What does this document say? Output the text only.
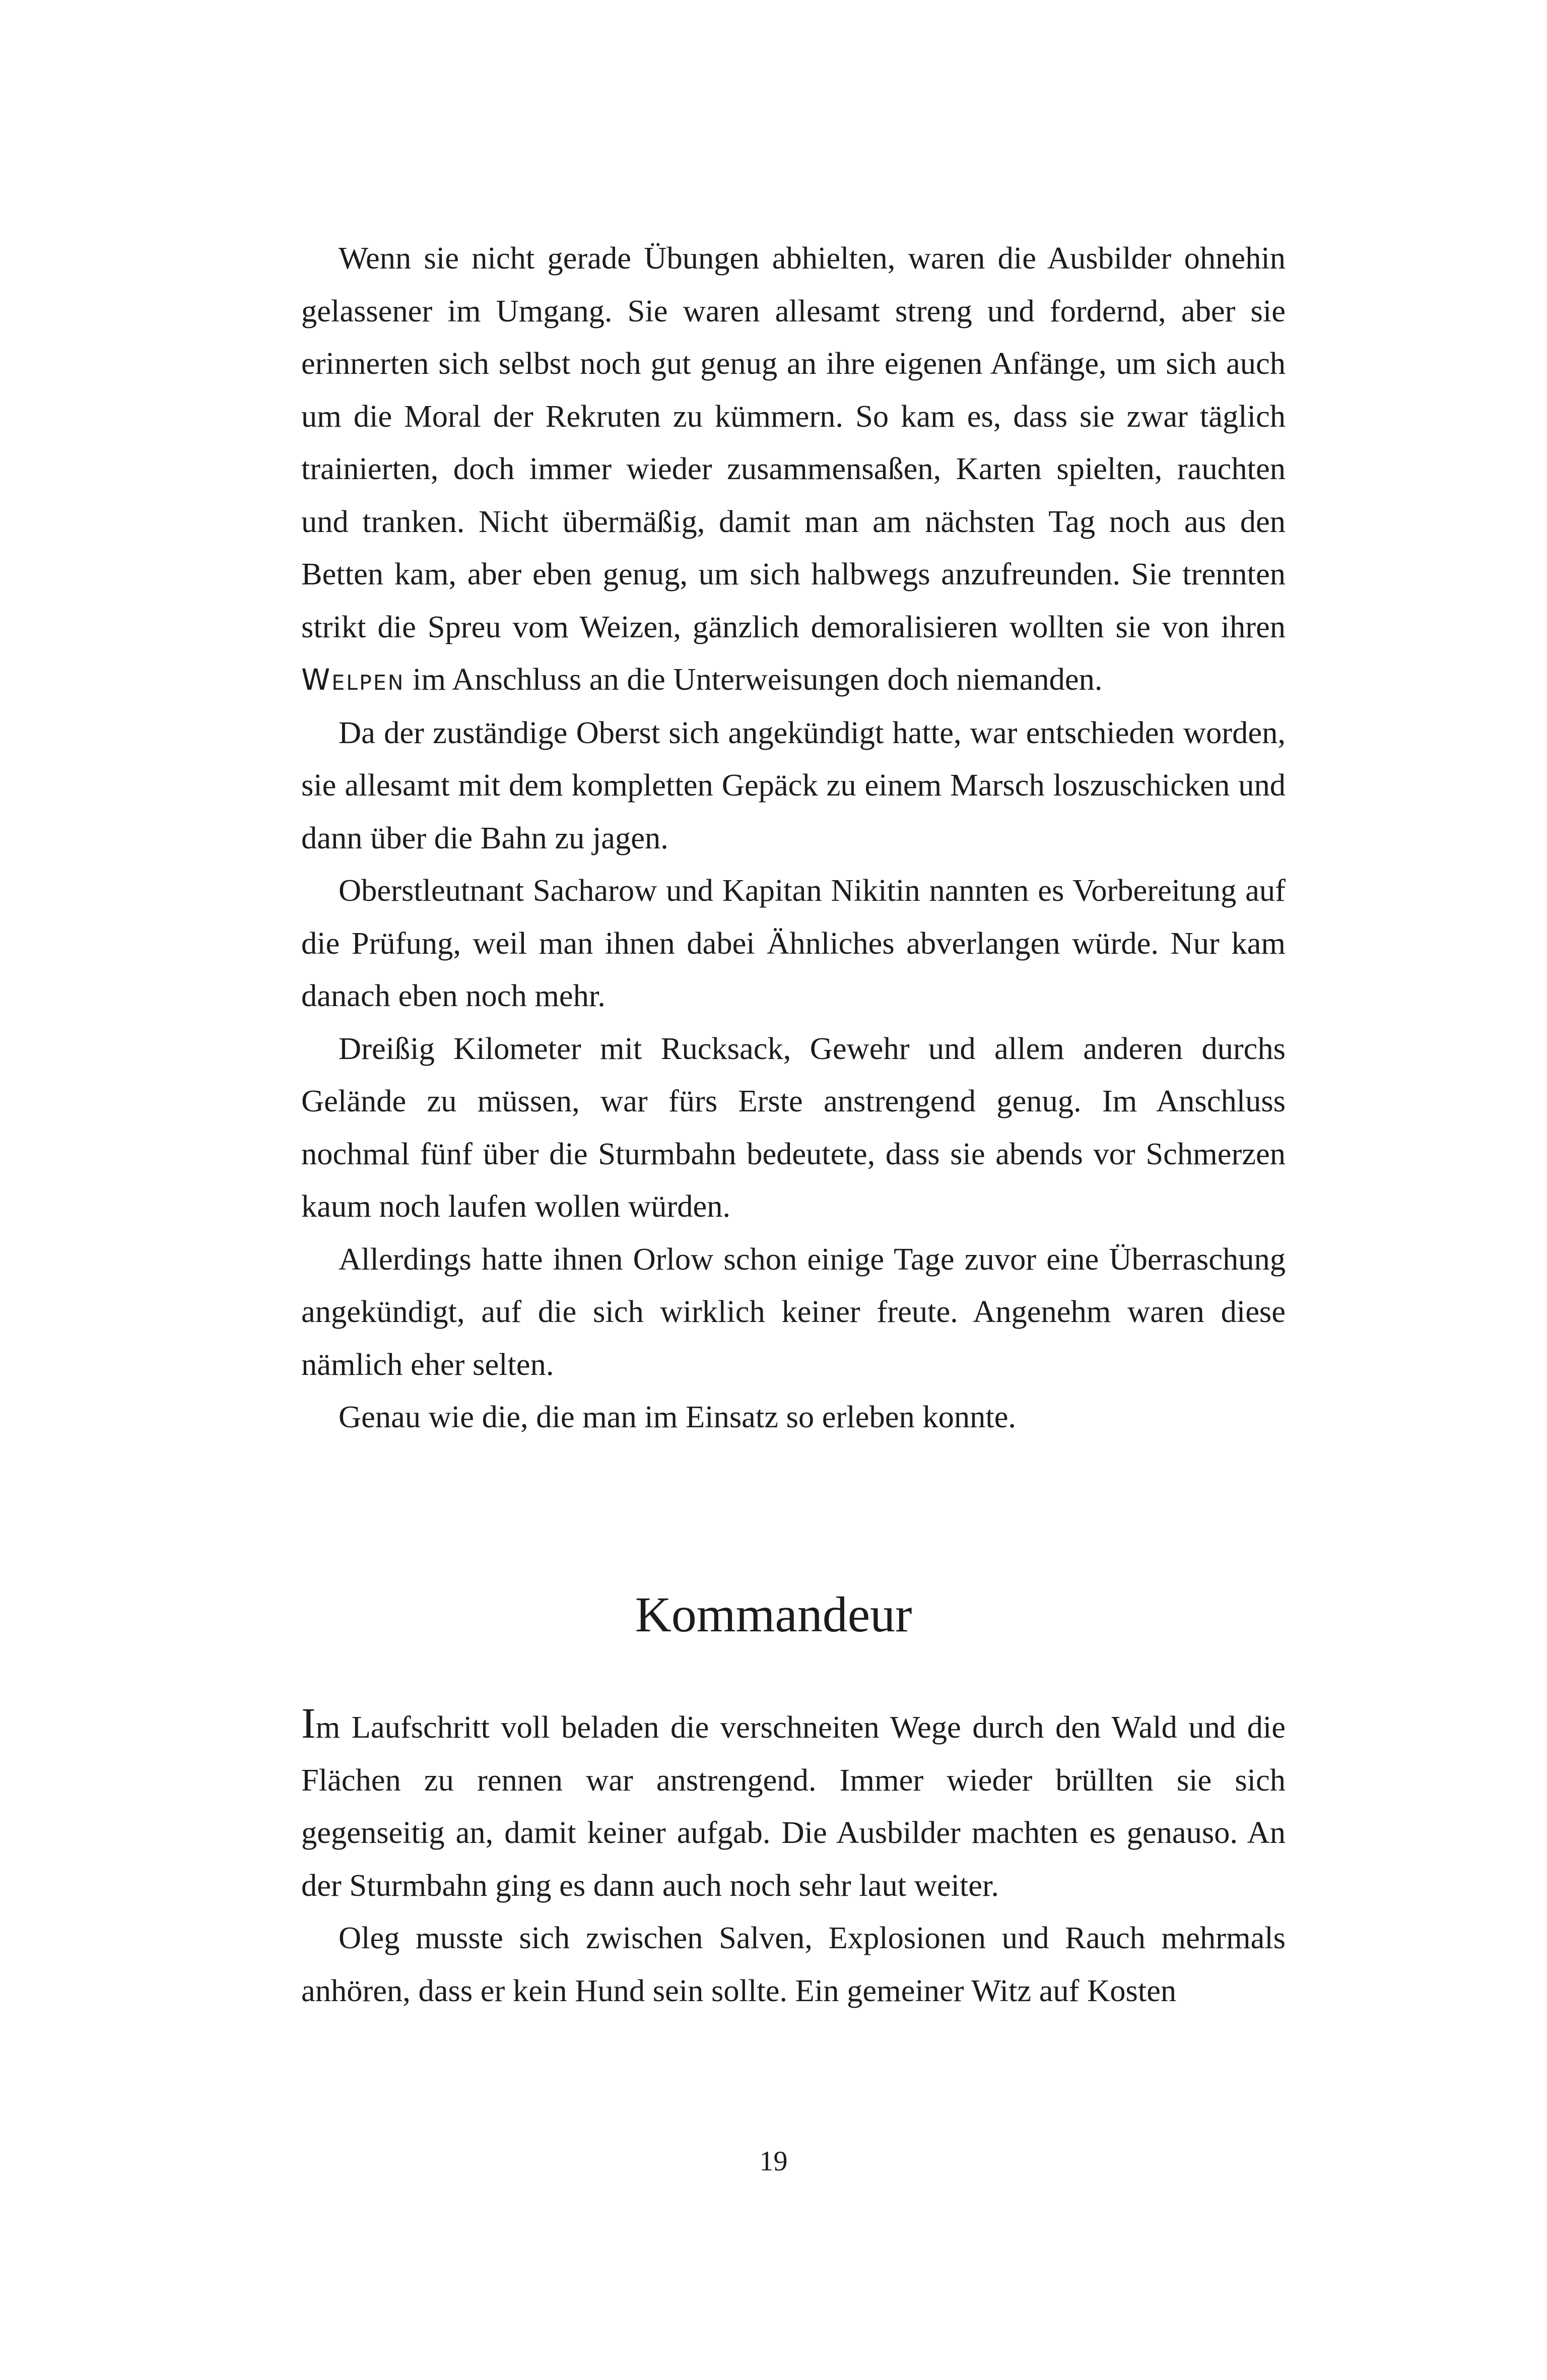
Wenn sie nicht gerade Übungen abhielten, waren die Ausbilder ohnehin gelassener im Umgang. Sie waren allesamt streng und fordernd, aber sie erinnerten sich selbst noch gut genug an ihre eigenen Anfänge, um sich auch um die Moral der Rekruten zu kümmern. So kam es, dass sie zwar täglich trainierten, doch immer wieder zusammensaßen, Karten spielten, rauchten und tranken. Nicht übermäßig, damit man am nächsten Tag noch aus den Betten kam, aber eben genug, um sich halbwegs anzufreunden. Sie trennten strikt die Spreu vom Weizen, gänzlich demoralisieren wollten sie von ihren Welpen im Anschluss an die Unterweisungen doch niemanden.

Da der zuständige Oberst sich angekündigt hatte, war entschieden worden, sie allesamt mit dem kompletten Gepäck zu einem Marsch loszuschicken und dann über die Bahn zu jagen.

Oberstleutnant Sacharow und Kapitan Nikitin nannten es Vorbereitung auf die Prüfung, weil man ihnen dabei Ähnliches abverlangen würde. Nur kam danach eben noch mehr.

Dreißig Kilometer mit Rucksack, Gewehr und allem anderen durchs Gelände zu müssen, war fürs Erste anstrengend genug. Im Anschluss nochmal fünf über die Sturmbahn bedeutete, dass sie abends vor Schmerzen kaum noch laufen wollen würden.

Allerdings hatte ihnen Orlow schon einige Tage zuvor eine Überraschung angekündigt, auf die sich wirklich keiner freute. Angenehm waren diese nämlich eher selten.

Genau wie die, die man im Einsatz so erleben konnte.

Kommandeur

Im Laufschritt voll beladen die verschneiten Wege durch den Wald und die Flächen zu rennen war anstrengend. Immer wieder brüllten sie sich gegenseitig an, damit keiner aufgab. Die Ausbilder machten es genauso. An der Sturmbahn ging es dann auch noch sehr laut weiter.

Oleg musste sich zwischen Salven, Explosionen und Rauch mehrmals anhören, dass er kein Hund sein sollte. Ein gemeiner Witz auf Kosten

19
